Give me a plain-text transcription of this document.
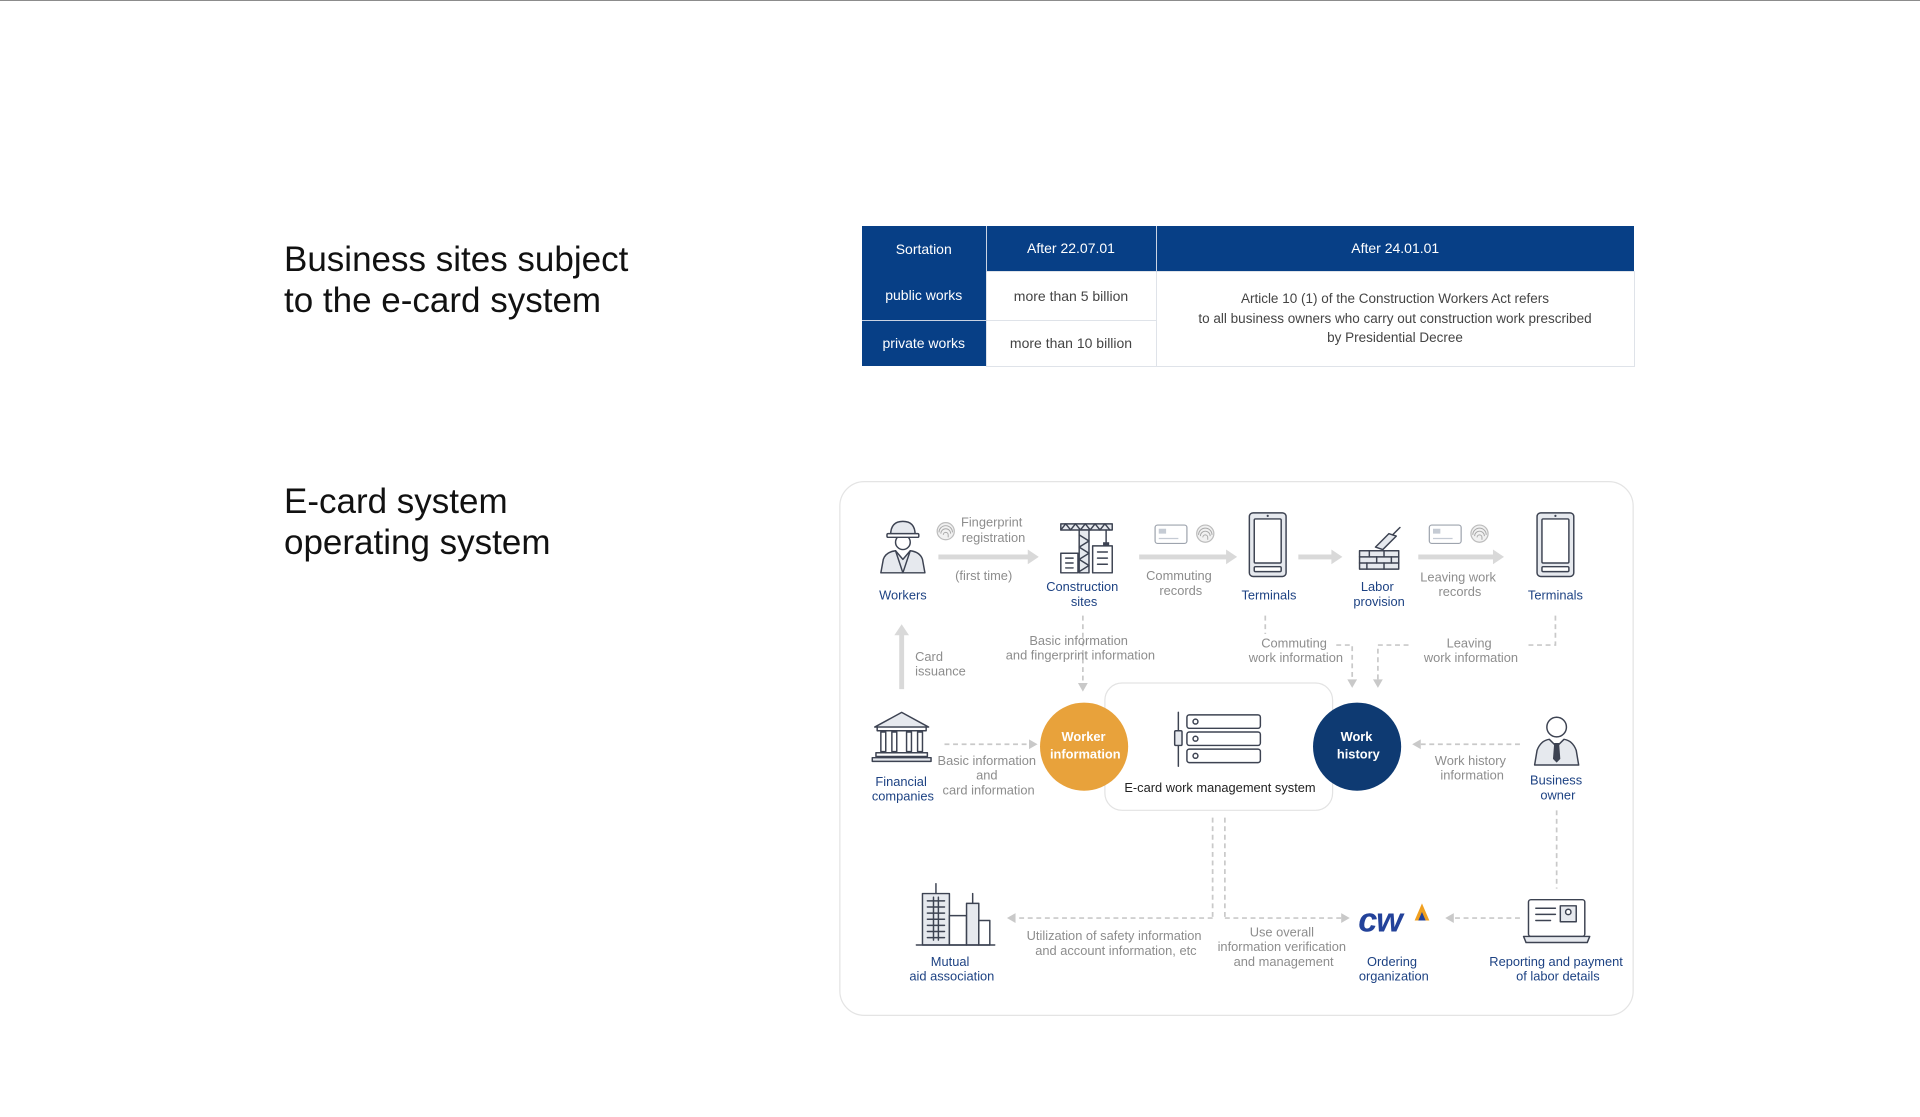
Business sites subject
to the e-card system
Sortation	After 22.07.01	After 24.01.01
public works	more than 5 billion	Article 10 (1) of the Construction Workers Act refers
to all business owners who carry out construction work prescribed
by Presidential Decree

private works	more than 10 billion	
E-card system
operating system
E-card work management system
Worker information
Work history
cw
Workers
Construction sites	Terminals
Labor provision	Terminals
Financial companies
Business owner
Mutual aid association
Ordering organization
Reporting and payment of labor details
Fingerprint registration
(first time)	Commuting records
Leaving work records
Card issuance
Basic information and fingerprint information
Commuting work information
Leaving work information
Basic information and card information
Work history information
Utilization of safety information and account information, etc
Use overall information verification and management
